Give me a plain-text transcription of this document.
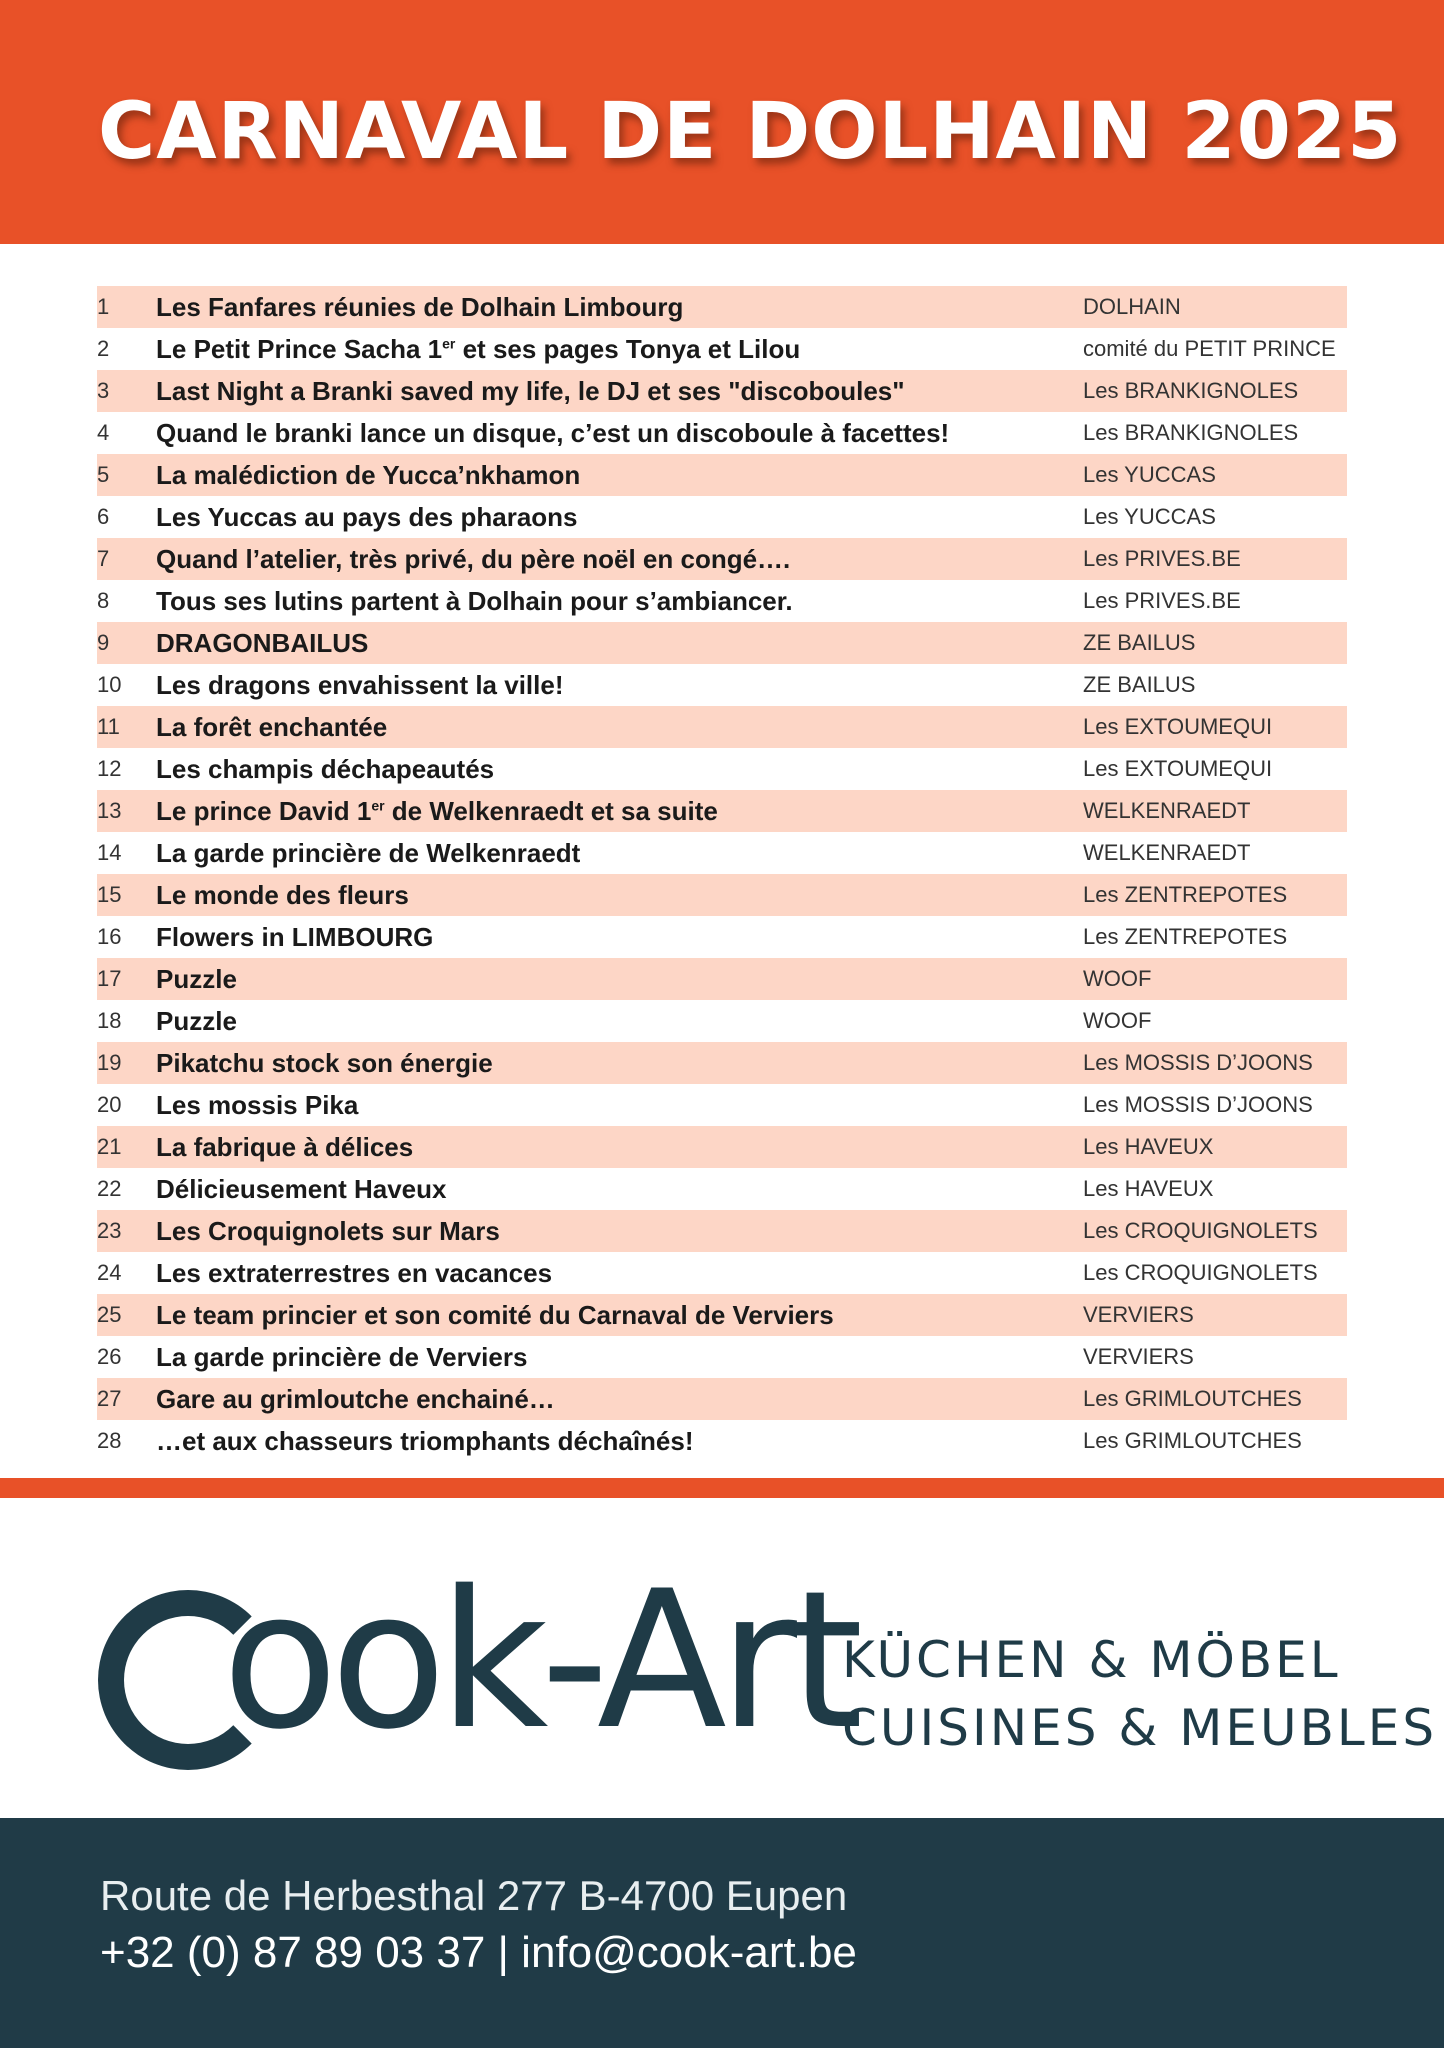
CARNAVAL DE DOLHAIN 2025
1 Les Fanfares réunies de Dolhain Limbourg	DOLHAIN
2 Le Petit Prince Sacha 1er et ses pages Tonya et Lilou	comité du PETIT PRINCE
3 Last Night a Branki saved my life, le DJ et ses "discoboules"	Les BRANKIGNOLES
4 Quand le branki lance un disque, c’est un discoboule à facettes!	Les BRANKIGNOLES
5 La malédiction de Yucca’nkhamon	Les YUCCAS
6 Les Yuccas au pays des pharaons	Les YUCCAS
7 Quand l’atelier, très privé, du père noël en congé….	Les PRIVES.BE
8 Tous ses lutins partent à Dolhain pour s’ambiancer.	Les PRIVES.BE
9 DRAGONBAILUS	ZE BAILUS
10 Les dragons envahissent la ville!	ZE BAILUS
11 La forêt enchantée	Les EXTOUMEQUI
12 Les champis déchapeautés	Les EXTOUMEQUI
13 Le prince David 1er de Welkenraedt et sa suite	WELKENRAEDT
14 La garde princière de Welkenraedt	WELKENRAEDT
15 Le monde des fleurs	Les ZENTREPOTES
16 Flowers in LIMBOURG	Les ZENTREPOTES
17 Puzzle	WOOF
18 Puzzle	WOOF
19 Pikatchu stock son énergie	Les MOSSIS D’JOONS
20 Les mossis Pika	Les MOSSIS D’JOONS
21 La fabrique à délices	Les HAVEUX
22 Délicieusement Haveux	Les HAVEUX
23 Les Croquignolets sur Mars	Les CROQUIGNOLETS
24 Les extraterrestres en vacances	Les CROQUIGNOLETS
25 Le team princier et son comité du Carnaval de Verviers	VERVIERS
26 La garde princière de Verviers	VERVIERS
27 Gare au grimloutche enchainé…	Les GRIMLOUTCHES
28 …et aux chasseurs triomphants déchaînés!	Les GRIMLOUTCHES
ook-Art
KÜCHEN & MÖBEL
CUISINES & MEUBLES
Route de Herbesthal 277 B-4700 Eupen
+32 (0) 87 89 03 37 | info@cook-art.be
